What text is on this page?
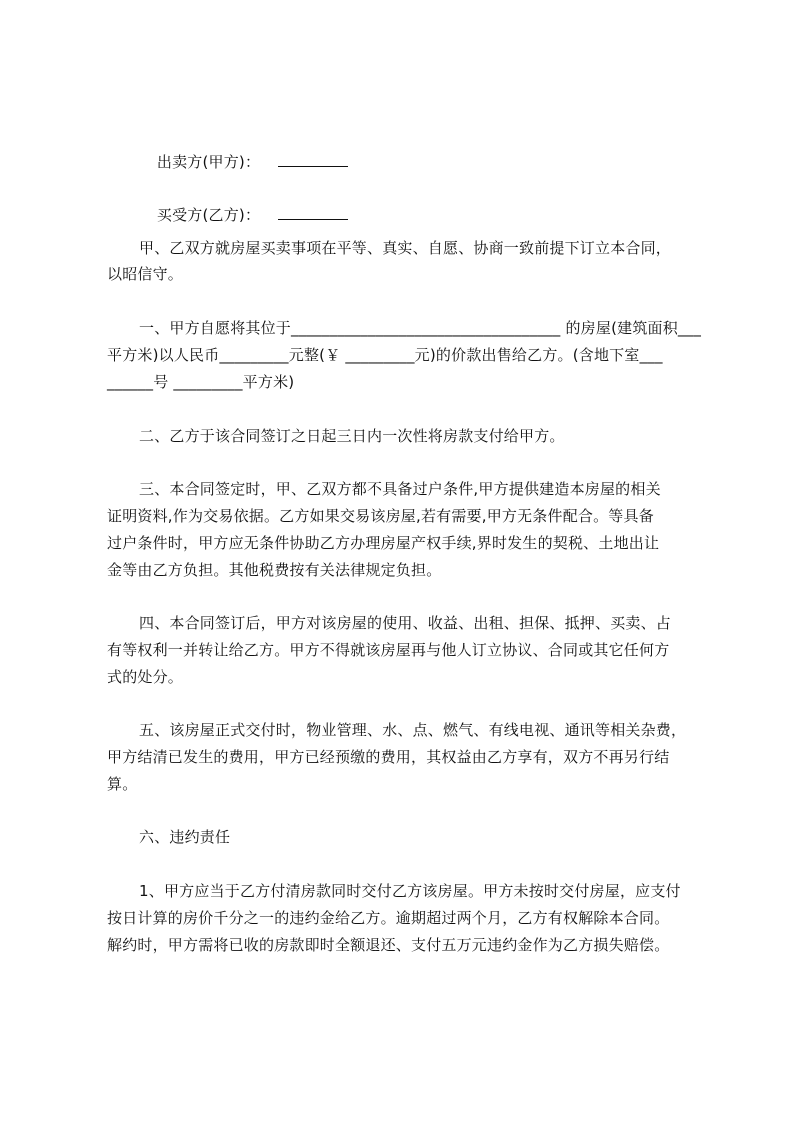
出卖方(甲方)：

买受方(乙方)：

甲、乙双方就房屋买卖事项在平等、真实、自愿、协商一致前提下订立本合同，
以昭信守。
一、甲方自愿将其位于___________________________________ 的房屋(建筑面积___
平方米)以人民币_________元整(￥ _________元)的价款出售给乙方。(含地下室___
______号 _________平方米)
二、乙方于该合同签订之日起三日内一次性将房款支付给甲方。
三、本合同签定时，甲、乙双方都不具备过户条件,甲方提供建造本房屋的相关
证明资料,作为交易依据。乙方如果交易该房屋,若有需要,甲方无条件配合。等具备
过户条件时，甲方应无条件协助乙方办理房屋产权手续,界时发生的契税、土地出让
金等由乙方负担。其他税费按有关法律规定负担。
四、本合同签订后，甲方对该房屋的使用、收益、出租、担保、抵押、买卖、占
有等权利一并转让给乙方。甲方不得就该房屋再与他人订立协议、合同或其它任何方
式的处分。
五、该房屋正式交付时，物业管理、水、点、燃气、有线电视、通讯等相关杂费，
甲方结清已发生的费用，甲方已经预缴的费用，其权益由乙方享有，双方不再另行结
算。
六、违约责任
1、甲方应当于乙方付清房款同时交付乙方该房屋。甲方未按时交付房屋，应支付
按日计算的房价千分之一的违约金给乙方。逾期超过两个月，乙方有权解除本合同。
解约时，甲方需将已收的房款即时全额退还、支付五万元违约金作为乙方损失赔偿。
